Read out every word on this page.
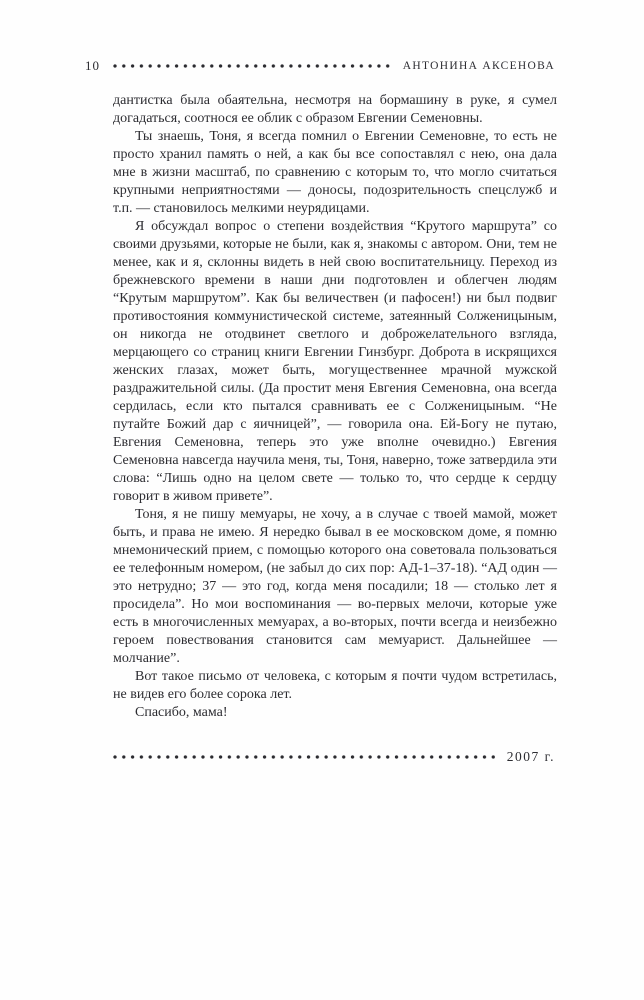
10	АНТОНИНА АКСЕНОВА

дантистка была обаятельна, несмотря на бормашину в руке, я сумел догадаться, соотнося ее облик с образом Евгении Семеновны.

Ты знаешь, Тоня, я всегда помнил о Евгении Семеновне, то есть не просто хранил память о ней, а как бы все сопоставлял с нею, она дала мне в жизни масштаб, по сравнению с которым то, что могло считаться крупными неприятностями — доносы, подозрительность спецслужб и т.п. — становилось мелкими неурядицами.

Я обсуждал вопрос о степени воздействия “Крутого маршрута” со своими друзьями, которые не были, как я, знакомы с автором. Они, тем не менее, как и я, склонны видеть в ней свою воспитательницу. Переход из брежневского времени в наши дни подготовлен и облегчен людям “Крутым маршрутом”. Как бы величествен (и пафосен!) ни был подвиг противостояния коммунистической системе, затеянный Солженицыным, он никогда не отодвинет светлого и доброжелательного взгляда, мерцающего со страниц книги Евгении Гинзбург. Доброта в искрящихся женских глазах, может быть, могущественнее мрачной мужской раздражительной силы. (Да простит меня Евгения Семеновна, она всегда сердилась, если кто пытался сравнивать ее с Солженицыным. “Не путайте Божий дар с яичницей”, — говорила она. Ей-Богу не путаю, Евгения Семеновна, теперь это уже вполне очевидно.) Евгения Семеновна навсегда научила меня, ты, Тоня, наверно, тоже затвердила эти слова: “Лишь одно на целом свете — только то, что сердце к сердцу говорит в живом привете”.

Тоня, я не пишу мемуары, не хочу, а в случае с твоей мамой, может быть, и права не имею. Я нередко бывал в ее московском доме, я помню мнемонический прием, с помощью которого она советовала пользоваться ее телефонным номером, (не забыл до сих пор: АД-1–37-18). “АД один — это нетрудно; 37 — это год, когда меня посадили; 18 — столько лет я просидела”. Но мои воспоминания — во-первых мелочи, которые уже есть в многочисленных мемуарах, а во-вторых, почти всегда и неизбежно героем повествования становится сам мемуарист. Дальнейшее — молчание”.

Вот такое письмо от человека, с которым я почти чудом встретилась, не видев его более сорока лет.

Спасибо, мама!

2007 г.
